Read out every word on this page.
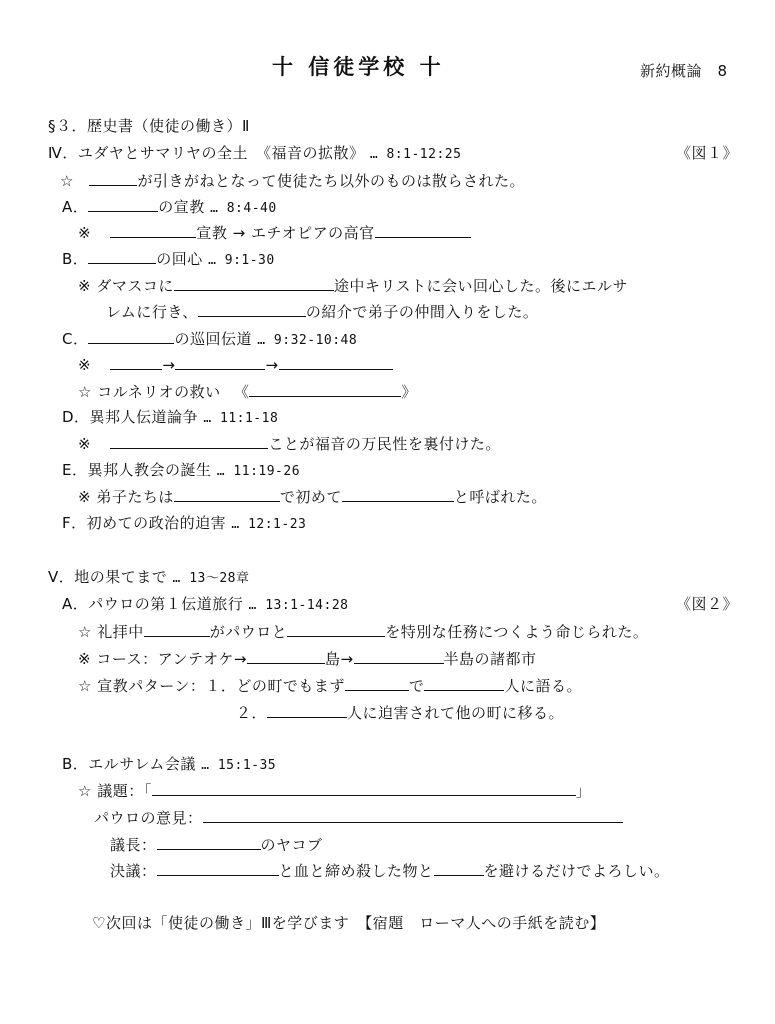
十 信徒学校 十	新約概論　8
§３．歴史書（使徒の働き）Ⅱ
Ⅳ．ユダヤとサマリヤの全土　《福音の拡散》 … 8:1-12:25	《図１》
☆　	が引きがねとなって使徒たち以外のものは散らされた。
A．	の宣教 … 8:4-40
※	宣教 → エチオピアの高官
B．	の回心 … 9:1-30
※ ダマスコに	途中キリストに会い回心した。後にエルサ
レムに行き、	の紹介で弟子の仲間入りをした。
C．	の巡回伝道 … 9:32-10:48
※	→	→
☆ コルネリオの救い 《	》
D．異邦人伝道論争 … 11:1-18
※	ことが福音の万民性を裏付けた。
E．異邦人教会の誕生 … 11:19-26
※ 弟子たちは	で初めて	と呼ばれた。
F．初めての政治的迫害 … 12:1-23
Ⅴ．地の果てまで … 13～28章
A．パウロの第１伝道旅行 … 13:1-14:28	《図２》
☆ 礼拝中	がパウロと	を特別な任務につくよう命じられた。
※ コース：アンテオケ→	島→	半島の諸都市
☆ 宣教パターン：１．どの町でもまず	で	人に語る。
２．	人に迫害されて他の町に移る。
B．エルサレム会議 … 15:1-35
☆ 議題：「	」
パウロの意見：
議長：	のヤコブ
決議：	と血と締め殺した物と	を避けるだけでよろしい。
♡次回は「使徒の働き」Ⅲを学びます　【宿題　ローマ人への手紙を読む】
